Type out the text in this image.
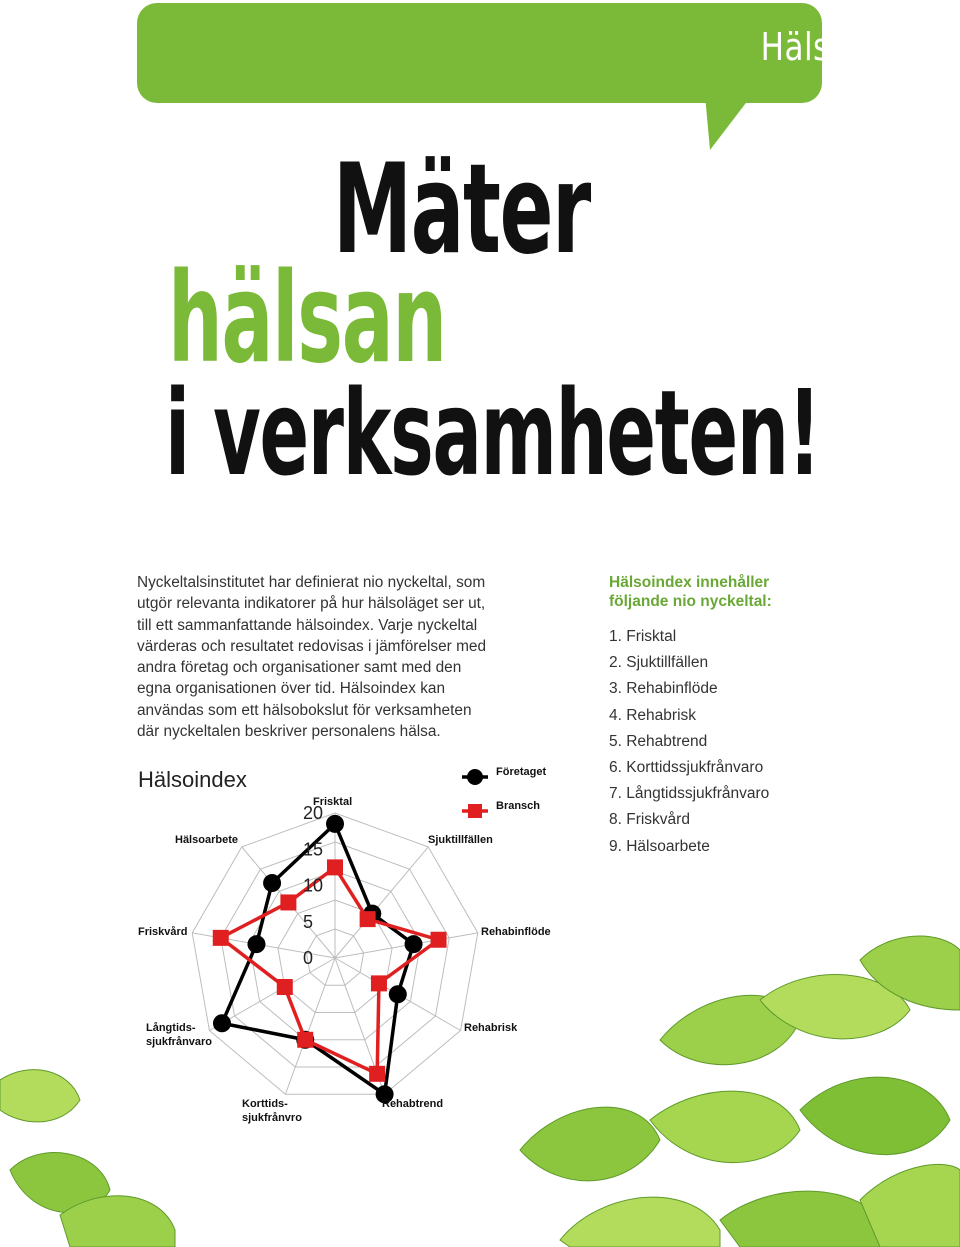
Hälsoindex
Mäter
hälsan
i verksamheten!

Nyckeltalsinstitutet har definierat nio nyckeltal, som utgör relevanta indikatorer på hur hälsoläget ser ut, till ett sammanfattande hälsoindex. Varje nyckeltal värderas och resultatet redovisas i jämförelser med andra företag och organisationer samt med den egna organisationen över tid. Hälsoindex kan användas som ett hälsobokslut för verksamheten där nyckeltalen beskriver personalens hälsa.

Hälsoindex innehåller följande nio nyckeltal:
1. Frisktal
2. Sjuktillfällen
3. Rehabinflöde
4. Rehabrisk
5. Rehabtrend
6. Korttidssjukfrånvaro
7. Långtidssjukfrånvaro
8. Friskvård
9. Hälsoarbete
Hälsoindex
0
5
10
15
20
Frisktal
Sjuktillfällen
Rehabinflöde
Rehabrisk
Rehabtrend
Korttids-sjukfrånvro
Långtids-sjukfrånvaro
Friskvård
Hälsoarbete
Företaget
Bransch
